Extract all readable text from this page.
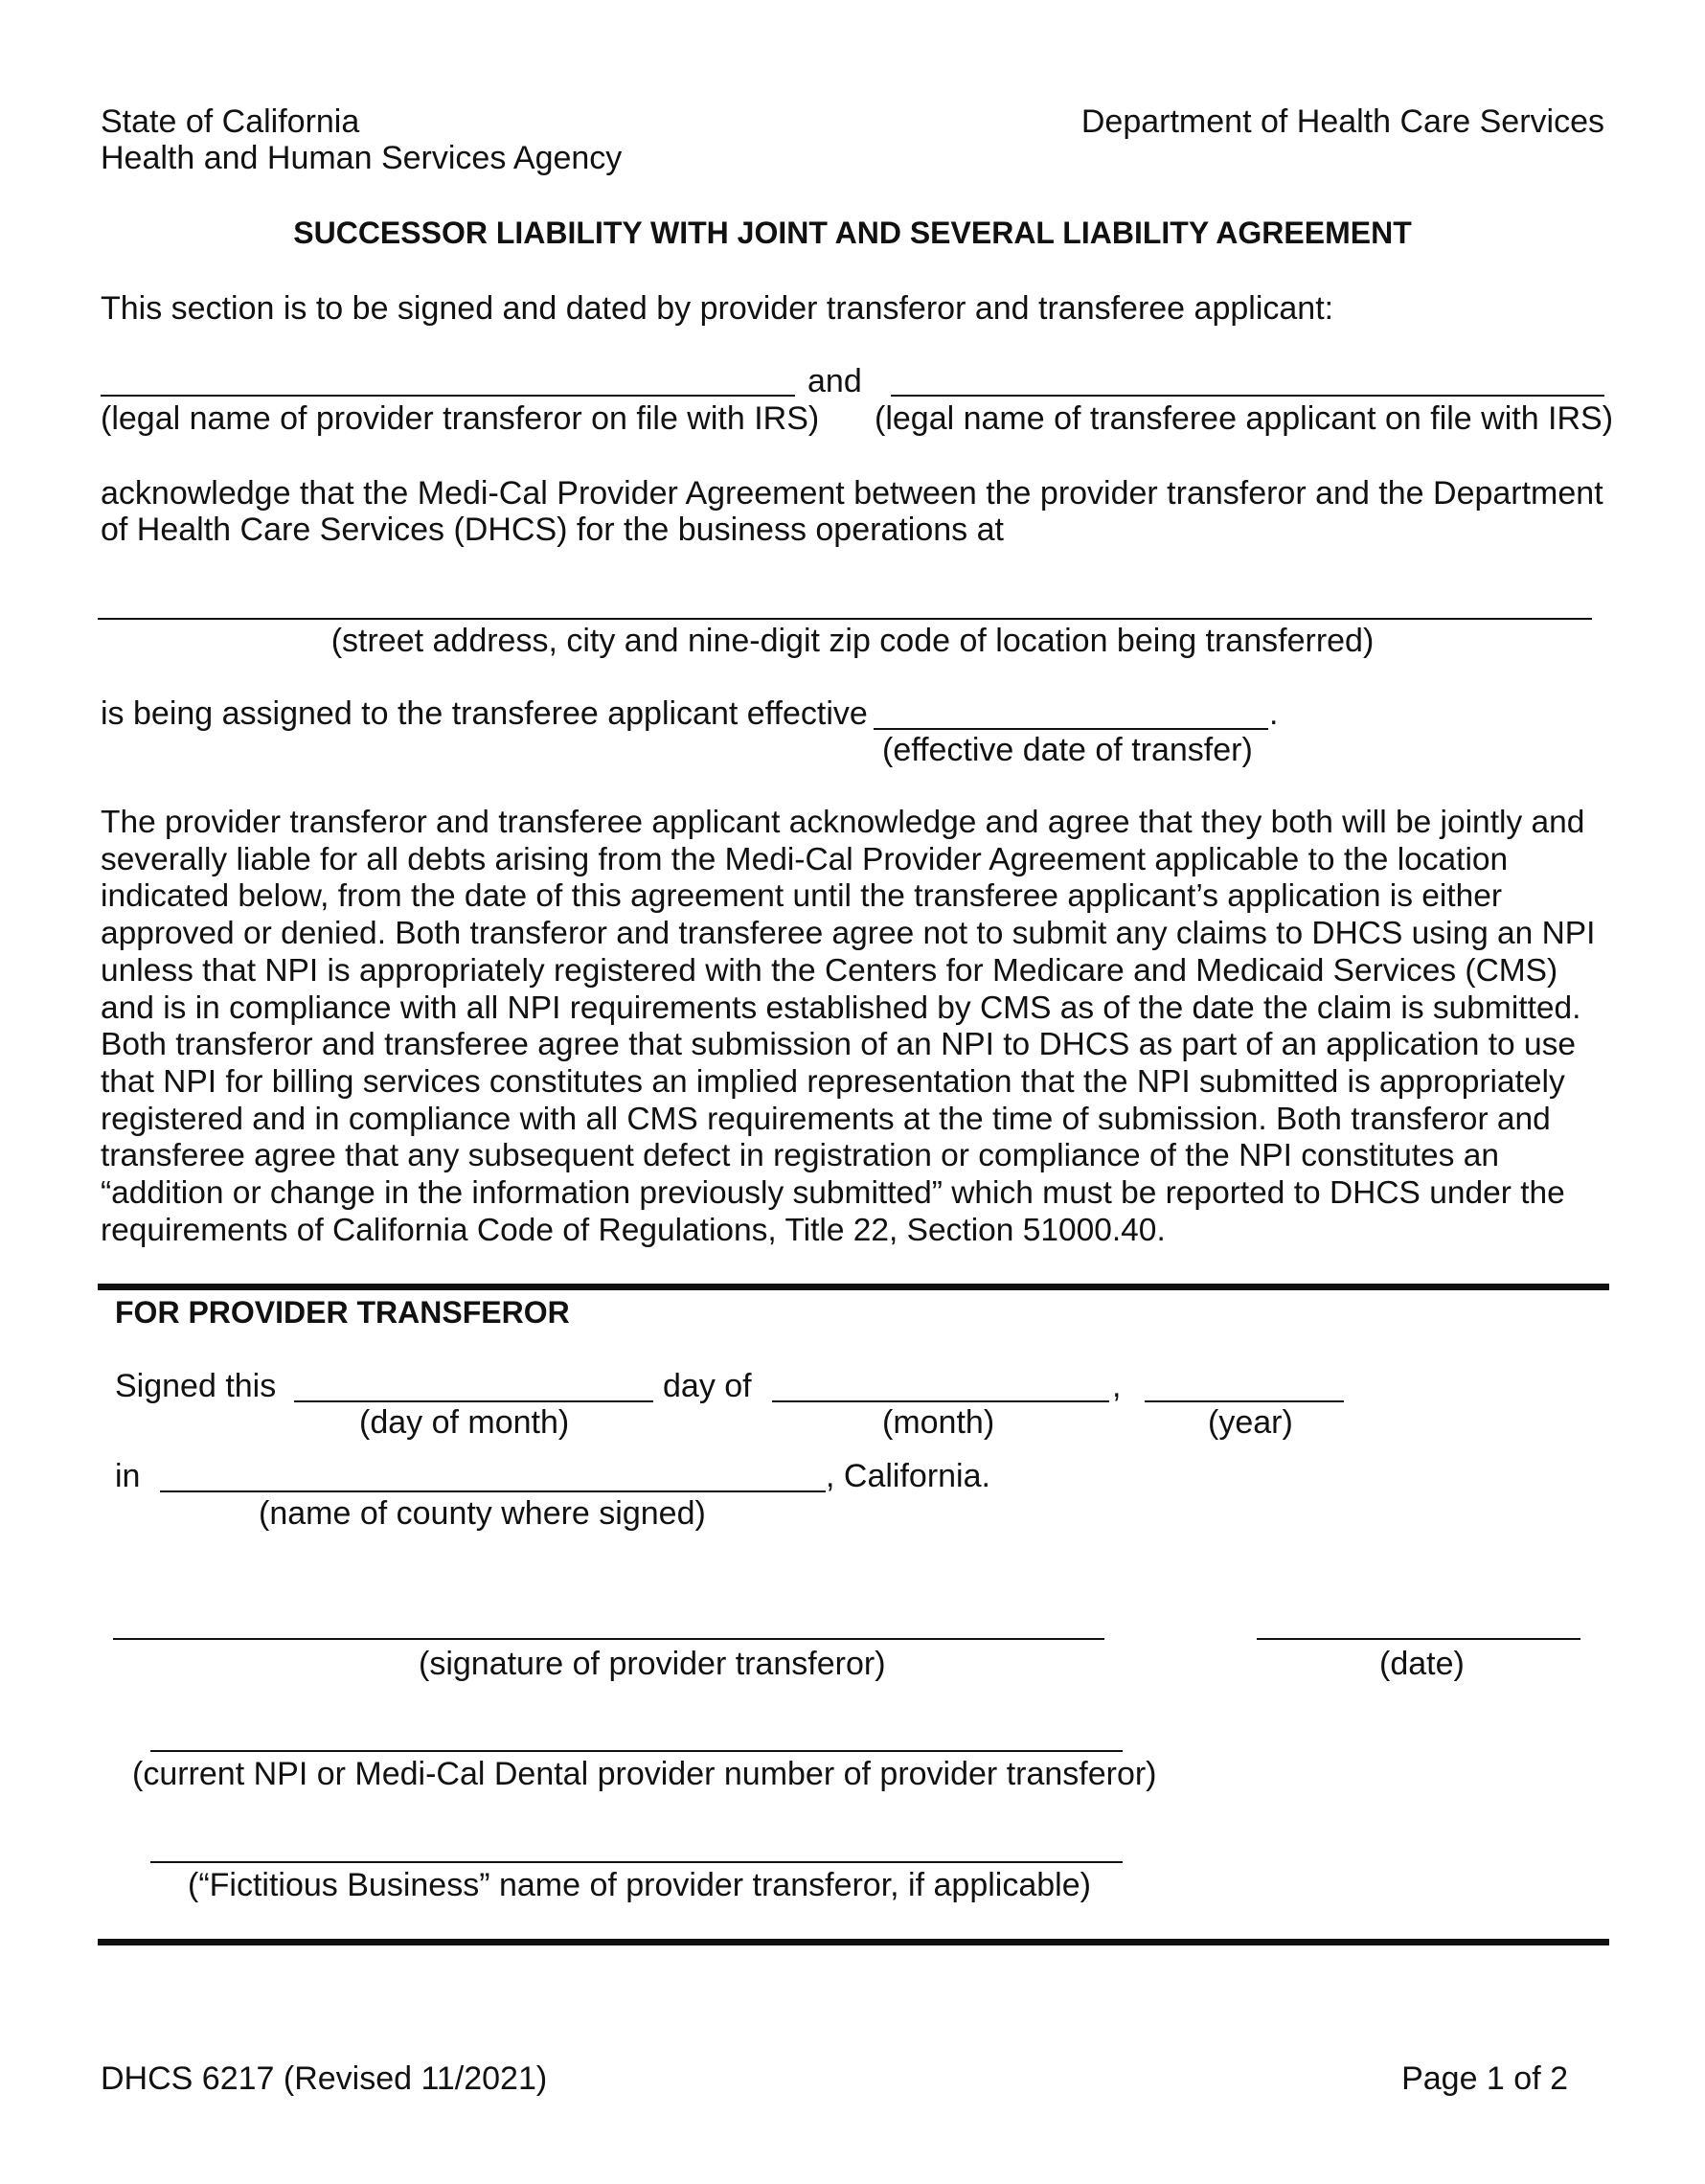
State of California
Health and Human Services Agency
Department of Health Care Services
SUCCESSOR LIABILITY WITH JOINT AND SEVERAL LIABILITY AGREEMENT
This section is to be signed and dated by provider transferor and transferee applicant:
and
(legal name of provider transferor on file with IRS) (legal name of transferee applicant on file with IRS)
acknowledge that the Medi-Cal Provider Agreement between the provider transferor and the Department
of Health Care Services (DHCS) for the business operations at
(street address, city and nine-digit zip code of location being transferred)
is being assigned to the transferee applicant effective	.
(effective date of transfer)
The provider transferor and transferee applicant acknowledge and agree that they both will be jointly and severally liable for all debts arising from the Medi-Cal Provider Agreement applicable to the location indicated below, from the date of this agreement until the transferee applicant’s application is either approved or denied. Both transferor and transferee agree not to submit any claims to DHCS using an NPI unless that NPI is appropriately registered with the Centers for Medicare and Medicaid Services (CMS) and is in compliance with all NPI requirements established by CMS as of the date the claim is submitted. Both transferor and transferee agree that submission of an NPI to DHCS as part of an application to use that NPI for billing services constitutes an implied representation that the NPI submitted is appropriately registered and in compliance with all CMS requirements at the time of submission. Both transferor and transferee agree that any subsequent defect in registration or compliance of the NPI constitutes an “addition or change in the information previously submitted” which must be reported to DHCS under the requirements of California Code of Regulations, Title 22, Section 51000.40.
FOR PROVIDER TRANSFEROR
Signed this	day of	,
(day of month)	(month)	(year)
in	, California.
(name of county where signed)
(signature of provider transferor)	(date)
(current NPI or Medi-Cal Dental provider number of provider transferor)
(“Fictitious Business” name of provider transferor, if applicable)
DHCS 6217 (Revised 11/2021)	Page 1 of 2
